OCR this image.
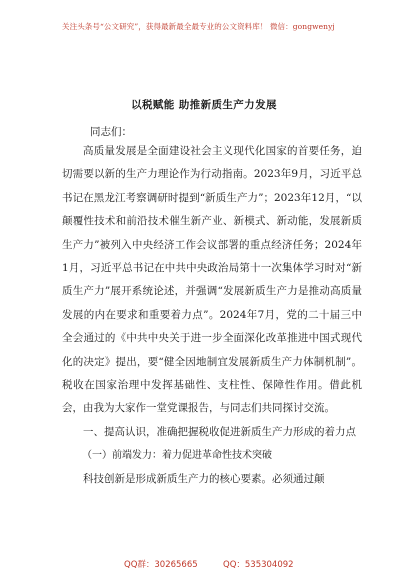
关注头条号“公文研究”，获得最新最全最专业的公文资料库！ 微信：gongwenyj
以税赋能 助推新质生产力发展
同志们：

高质量发展是全面建设社会主义现代化国家的首要任务，迫切需要以新的生产力理论作为行动指南。2023年9月，习近平总书记在黑龙江考察调研时提到“新质生产力”；2023年12月，“以颠覆性技术和前沿技术催生新产业、新模式、新动能，发展新质生产力”被列入中央经济工作会议部署的重点经济任务；2024年1月，习近平总书记在中共中央政治局第十一次集体学习时对“新质生产力”展开系统论述，并强调“发展新质生产力是推动高质量发展的内在要求和重要着力点”。2024年7月，党的二十届三中全会通过的《中共中央关于进一步全面深化改革推进中国式现代化的决定》提出，要“健全因地制宜发展新质生产力体制机制”。税收在国家治理中发挥基础性、支柱性、保障性作用。借此机会，由我为大家作一堂党课报告，与同志们共同探讨交流。

一、提高认识，准确把握税收促进新质生产力形成的着力点

（一）前端发力：着力促进革命性技术突破

科技创新是形成新质生产力的核心要素。必须通过颠

QQ群：30265665	QQ：535304092
